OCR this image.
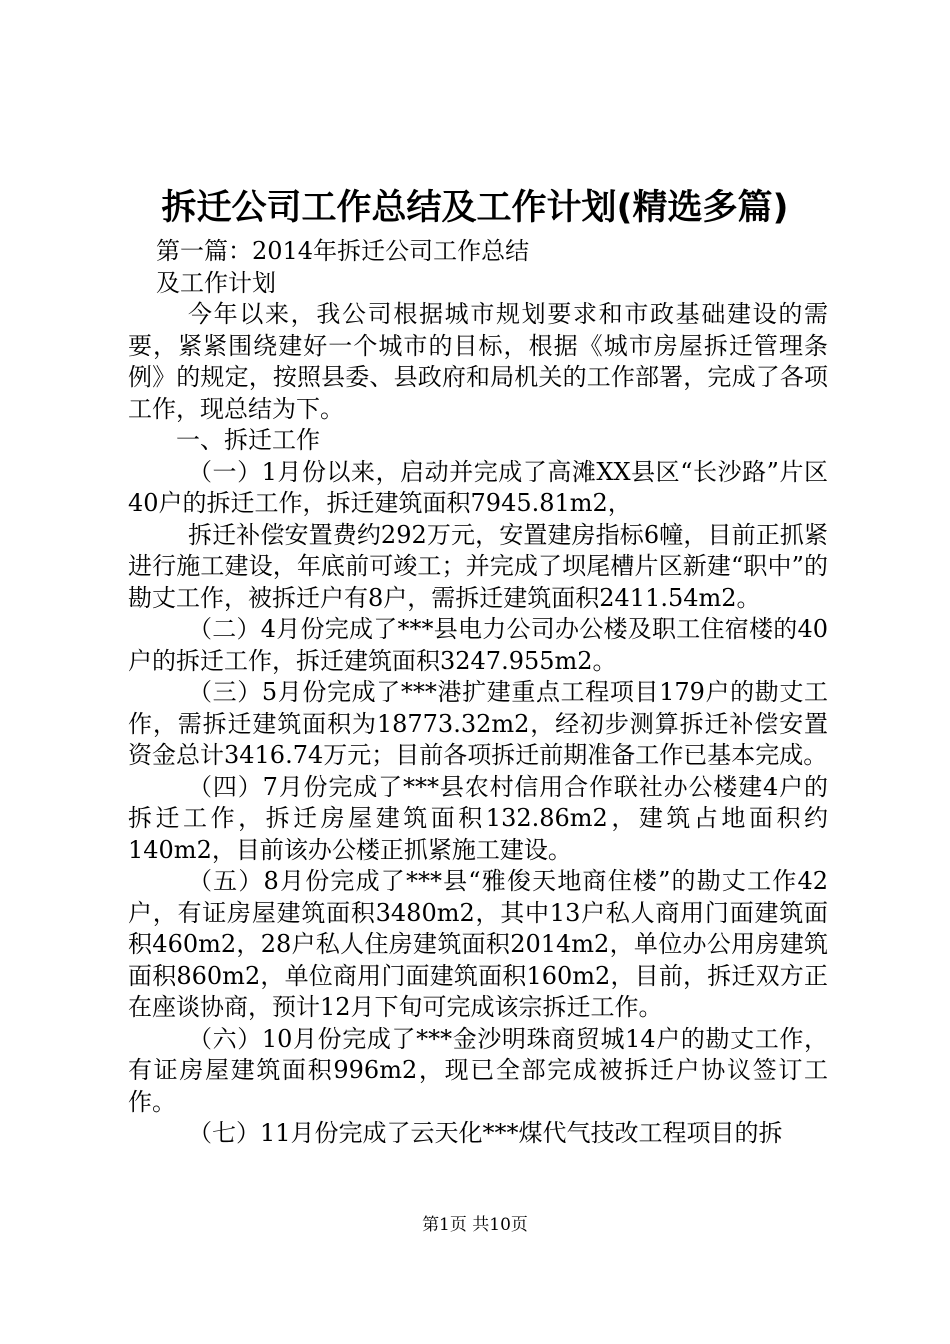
拆迁公司工作总结及工作计划(精选多篇)

第一篇：2014年拆迁公司工作总结

及工作计划

今年以来，我公司根据城市规划要求和市政基础建设的需要，紧紧围绕建好一个城市的目标，根据《城市房屋拆迁管理条例》的规定，按照县委、县政府和局机关的工作部署，完成了各项工作，现总结为下。

一、拆迁工作

（一）1月份以来，启动并完成了高滩XX县区“长沙路”片区40户的拆迁工作，拆迁建筑面积7945.81m2，

拆迁补偿安置费约292万元，安置建房指标6幢，目前正抓紧进行施工建设，年底前可竣工；并完成了坝尾槽片区新建“职中”的勘丈工作，被拆迁户有8户，需拆迁建筑面积2411.54m2。

（二）4月份完成了***县电力公司办公楼及职工住宿楼的40户的拆迁工作，拆迁建筑面积3247.955m2。

（三）5月份完成了***港扩建重点工程项目179户的勘丈工作，需拆迁建筑面积为18773.32m2，经初步测算拆迁补偿安置资金总计3416.74万元；目前各项拆迁前期准备工作已基本完成。

（四）7月份完成了***县农村信用合作联社办公楼建4户的拆迁工作，拆迁房屋建筑面积132.86m2，建筑占地面积约140m2，目前该办公楼正抓紧施工建设。

（五）8月份完成了***县“雅俊天地商住楼”的勘丈工作42户，有证房屋建筑面积3480m2，其中13户私人商用门面建筑面积460m2，28户私人住房建筑面积2014m2，单位办公用房建筑面积860m2，单位商用门面建筑面积160m2，目前，拆迁双方正在座谈协商，预计12月下旬可完成该宗拆迁工作。

（六）10月份完成了***金沙明珠商贸城14户的勘丈工作，有证房屋建筑面积996m2，现已全部完成被拆迁户协议签订工作。

（七）11月份完成了云天化***煤代气技改工程项目的拆

第1页 共10页
